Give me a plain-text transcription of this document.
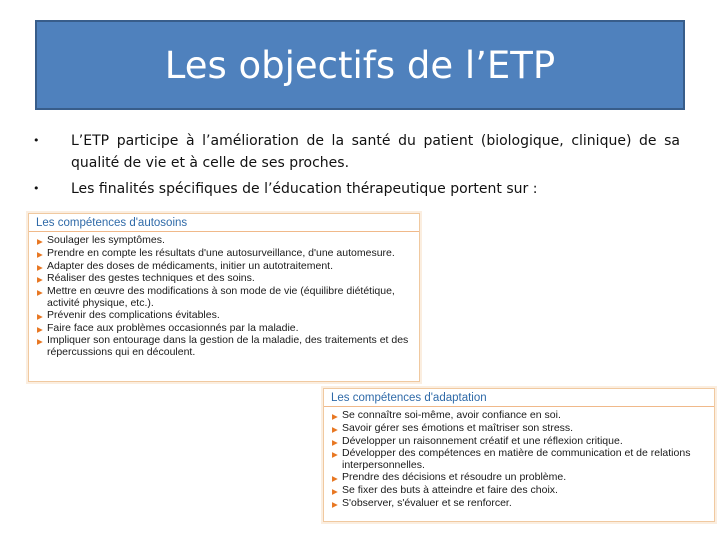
Les objectifs de l’ETP
•	L’ETP participe à l’amélioration de la santé du patient (biologique, clinique) de sa qualité de vie et à celle de ses proches.
•	Les finalités spécifiques de l’éducation thérapeutique portent sur :
Les compétences d'autosoins
▶ Soulager les symptômes.
▶ Prendre en compte les résultats d'une autosurveillance, d'une automesure.
▶ Adapter des doses de médicaments, initier un autotraitement.
▶ Réaliser des gestes techniques et des soins.
▶ Mettre en œuvre des modifications à son mode de vie (équilibre diététique, activité physique, etc.).
▶ Prévenir des complications évitables.
▶ Faire face aux problèmes occasionnés par la maladie.
▶ Impliquer son entourage dans la gestion de la maladie, des traitements et des répercussions qui en découlent.
Les compétences d'adaptation
▶ Se connaître soi-même, avoir confiance en soi.
▶ Savoir gérer ses émotions et maîtriser son stress.
▶ Développer un raisonnement créatif et une réflexion critique.
▶ Développer des compétences en matière de communication et de relations interpersonnelles.
▶ Prendre des décisions et résoudre un problème.
▶ Se fixer des buts à atteindre et faire des choix.
▶ S'observer, s'évaluer et se renforcer.
